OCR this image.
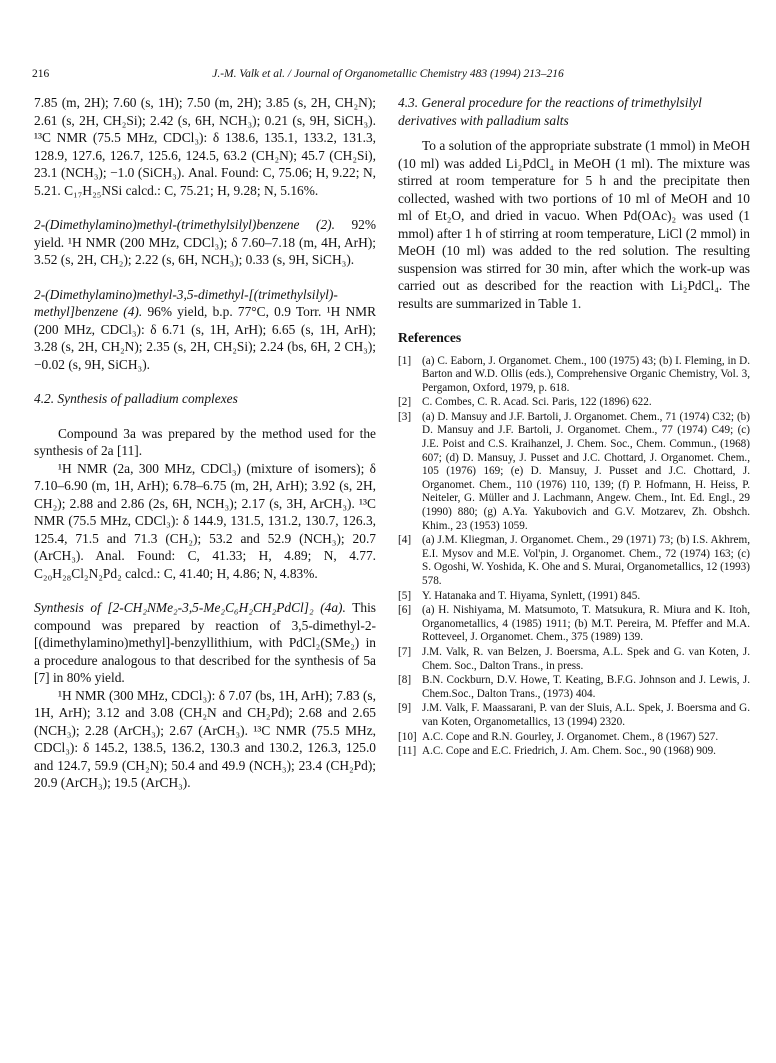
216	J.-M. Valk et al. / Journal of Organometallic Chemistry 483 (1994) 213–216

7.85 (m, 2H); 7.60 (s, 1H); 7.50 (m, 2H); 3.85 (s, 2H, CH₂N); 2.61 (s, 2H, CH₂Si); 2.42 (s, 6H, NCH₃); 0.21 (s, 9H, SiCH₃). ¹³C NMR (75.5 MHz, CDCl₃): δ 138.6, 135.1, 133.2, 131.3, 128.9, 127.6, 126.7, 125.6, 124.5, 63.2 (CH₂N); 45.7 (CH₂Si), 23.1 (NCH₃); −1.0 (SiCH₃). Anal. Found: C, 75.06; H, 9.22; N, 5.21. C₁₇H₂₅NSi calcd.: C, 75.21; H, 9.28; N, 5.16%.

2-(Dimethylamino)methyl-(trimethylsilyl)benzene (2). 92% yield. ¹H NMR (200 MHz, CDCl₃); δ 7.60–7.18 (m, 4H, ArH); 3.52 (s, 2H, CH₂); 2.22 (s, 6H, NCH₃); 0.33 (s, 9H, SiCH₃).

2-(Dimethylamino)methyl-3,5-dimethyl-[(trimethylsilyl)-methyl]benzene (4). 96% yield, b.p. 77°C, 0.9 Torr. ¹H NMR (200 MHz, CDCl₃): δ 6.71 (s, 1H, ArH); 6.65 (s, 1H, ArH); 3.28 (s, 2H, CH₂N); 2.35 (s, 2H, CH₂Si); 2.24 (bs, 6H, 2 CH₃); −0.02 (s, 9H, SiCH₃).

4.2. Synthesis of palladium complexes

Compound 3a was prepared by the method used for the synthesis of 2a [11].

¹H NMR (2a, 300 MHz, CDCl₃) (mixture of isomers); δ 7.10–6.90 (m, 1H, ArH); 6.78–6.75 (m, 2H, ArH); 3.92 (s, 2H, CH₂); 2.88 and 2.86 (2s, 6H, NCH₃); 2.17 (s, 3H, ArCH₃). ¹³C NMR (75.5 MHz, CDCl₃): δ 144.9, 131.5, 131.2, 130.7, 126.3, 125.4, 71.5 and 71.3 (CH₂); 53.2 and 52.9 (NCH₃); 20.7 (ArCH₃). Anal. Found: C, 41.33; H, 4.89; N, 4.77. C₂₀H₂₈Cl₂N₂Pd₂ calcd.: C, 41.40; H, 4.86; N, 4.83%.

Synthesis of [2-CH₂NMe₂-3,5-Me₂C₆H₂CH₂PdCl]₂ (4a). This compound was prepared by reaction of 3,5-dimethyl-2-[(dimethylamino)methyl]-benzyllithium, with PdCl₂(SMe₂) in a procedure analogous to that described for the synthesis of 5a [7] in 80% yield.

¹H NMR (300 MHz, CDCl₃): δ 7.07 (bs, 1H, ArH); 7.83 (s, 1H, ArH); 3.12 and 3.08 (CH₂N and CH₂Pd); 2.68 and 2.65 (NCH₃); 2.28 (ArCH₃); 2.67 (ArCH₃). ¹³C NMR (75.5 MHz, CDCl₃): δ 145.2, 138.5, 136.2, 130.3 and 130.2, 126.3, 125.0 and 124.7, 59.9 (CH₂N); 50.4 and 49.9 (NCH₃); 23.4 (CH₂Pd); 20.9 (ArCH₃); 19.5 (ArCH₃).

4.3. General procedure for the reactions of trimethylsilyl derivatives with palladium salts

To a solution of the appropriate substrate (1 mmol) in MeOH (10 ml) was added Li₂PdCl₄ in MeOH (1 ml). The mixture was stirred at room temperature for 5 h and the precipitate then collected, washed with two portions of 10 ml of MeOH and 10 ml of Et₂O, and dried in vacuo. When Pd(OAc)₂ was used (1 mmol) after 1 h of stirring at room temperature, LiCl (2 mmol) in MeOH (10 ml) was added to the red solution. The resulting suspension was stirred for 30 min, after which the work-up was carried out as described for the reaction with Li₂PdCl₄. The results are summarized in Table 1.

References
[1] (a) C. Eaborn, J. Organomet. Chem., 100 (1975) 43; (b) I. Fleming, in D. Barton and W.D. Ollis (eds.), Comprehensive Organic Chemistry, Vol. 3, Pergamon, Oxford, 1979, p. 618.
[2] C. Combes, C. R. Acad. Sci. Paris, 122 (1896) 622.
[3] (a) D. Mansuy and J.F. Bartoli, J. Organomet. Chem., 71 (1974) C32; (b) D. Mansuy and J.F. Bartoli, J. Organomet. Chem., 77 (1974) C49; (c) J.E. Poist and C.S. Kraihanzel, J. Chem. Soc., Chem. Commun., (1968) 607; (d) D. Mansuy, J. Pusset and J.C. Chottard, J. Organomet. Chem., 105 (1976) 169; (e) D. Mansuy, J. Pusset and J.C. Chottard, J. Organomet. Chem., 110 (1976) 110, 139; (f) P. Hofmann, H. Heiss, P. Neiteler, G. Müller and J. Lachmann, Angew. Chem., Int. Ed. Engl., 29 (1990) 880; (g) A.Ya. Yakubovich and G.V. Motzarev, Zh. Obshch. Khim., 23 (1953) 1059.
[4] (a) J.M. Kliegman, J. Organomet. Chem., 29 (1971) 73; (b) I.S. Akhrem, E.I. Mysov and M.E. Vol'pin, J. Organomet. Chem., 72 (1974) 163; (c) S. Ogoshi, W. Yoshida, K. Ohe and S. Murai, Organometallics, 12 (1993) 578.
[5] Y. Hatanaka and T. Hiyama, Synlett, (1991) 845.
[6] (a) H. Nishiyama, M. Matsumoto, T. Matsukura, R. Miura and K. Itoh, Organometallics, 4 (1985) 1911; (b) M.T. Pereira, M. Pfeffer and M.A. Rotteveel, J. Organomet. Chem., 375 (1989) 139.
[7] J.M. Valk, R. van Belzen, J. Boersma, A.L. Spek and G. van Koten, J. Chem. Soc., Dalton Trans., in press.
[8] B.N. Cockburn, D.V. Howe, T. Keating, B.F.G. Johnson and J. Lewis, J. Chem.Soc., Dalton Trans., (1973) 404.
[9] J.M. Valk, F. Maassarani, P. van der Sluis, A.L. Spek, J. Boersma and G. van Koten, Organometallics, 13 (1994) 2320.
[10] A.C. Cope and R.N. Gourley, J. Organomet. Chem., 8 (1967) 527.
[11] A.C. Cope and E.C. Friedrich, J. Am. Chem. Soc., 90 (1968) 909.
